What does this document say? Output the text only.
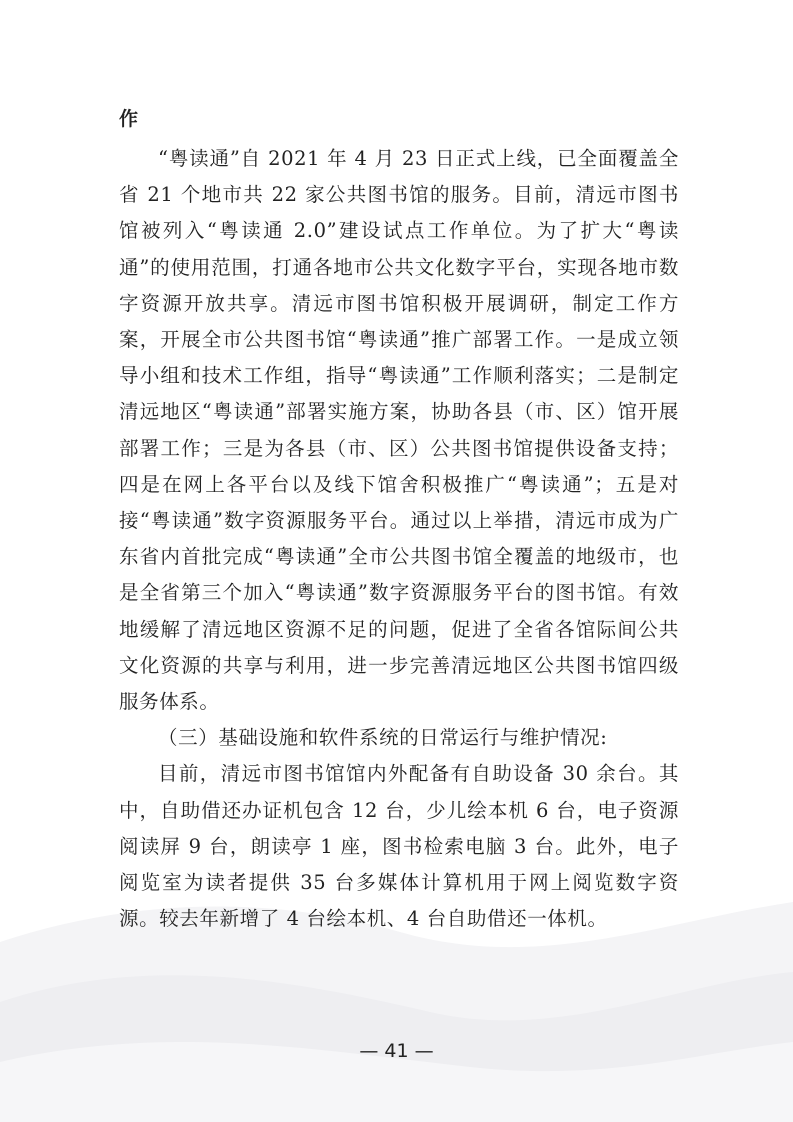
作

“粤读通”自 2021 年 4 月 23 日正式上线，已全面覆盖全省 21 个地市共 22 家公共图书馆的服务。目前，清远市图书馆被列入“粤读通 2.0”建设试点工作单位。为了扩大“粤读通”的使用范围，打通各地市公共文化数字平台，实现各地市数字资源开放共享。清远市图书馆积极开展调研，制定工作方案，开展全市公共图书馆“粤读通”推广部署工作。一是成立领导小组和技术工作组，指导“粤读通”工作顺利落实；二是制定清远地区“粤读通”部署实施方案，协助各县（市、区）馆开展部署工作；三是为各县（市、区）公共图书馆提供设备支持；四是在网上各平台以及线下馆舍积极推广“粤读通”；五是对接“粤读通”数字资源服务平台。通过以上举措，清远市成为广东省内首批完成“粤读通”全市公共图书馆全覆盖的地级市，也是全省第三个加入“粤读通”数字资源服务平台的图书馆。有效地缓解了清远地区资源不足的问题，促进了全省各馆际间公共文化资源的共享与利用，进一步完善清远地区公共图书馆四级服务体系。

（三）基础设施和软件系统的日常运行与维护情况:

目前，清远市图书馆馆内外配备有自助设备 30 余台。其中，自助借还办证机包含 12 台，少儿绘本机 6 台，电子资源阅读屏 9 台，朗读亭 1 座，图书检索电脑 3 台。此外，电子阅览室为读者提供 35 台多媒体计算机用于网上阅览数字资源。较去年新增了 4 台绘本机、4 台自助借还一体机。

— 41 —
